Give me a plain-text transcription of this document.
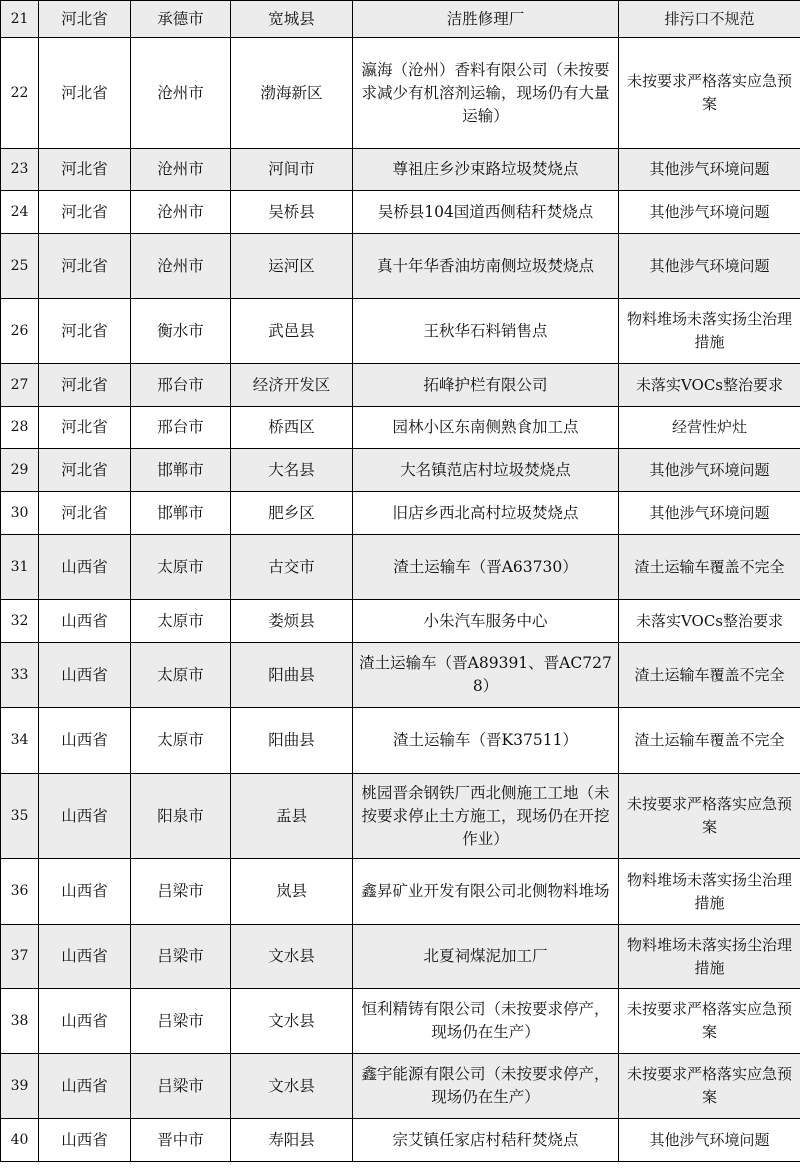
21	河北省	承德市	宽城县	洁胜修理厂	排污口不规范
22	河北省	沧州市	渤海新区	瀛海（沧州）香料有限公司（未按要求减少有机溶剂运输，现场仍有大量运输）	未按要求严格落实应急预案
23	河北省	沧州市	河间市	尊祖庄乡沙束路垃圾焚烧点	其他涉气环境问题
24	河北省	沧州市	吴桥县	吴桥县104国道西侧秸秆焚烧点	其他涉气环境问题
25	河北省	沧州市	运河区	真十年华香油坊南侧垃圾焚烧点	其他涉气环境问题
26	河北省	衡水市	武邑县	王秋华石料销售点	物料堆场未落实扬尘治理措施
27	河北省	邢台市	经济开发区	拓峰护栏有限公司	未落实VOCs整治要求
28	河北省	邢台市	桥西区	园林小区东南侧熟食加工点	经营性炉灶
29	河北省	邯郸市	大名县	大名镇范店村垃圾焚烧点	其他涉气环境问题
30	河北省	邯郸市	肥乡区	旧店乡西北高村垃圾焚烧点	其他涉气环境问题
31	山西省	太原市	古交市	渣土运输车（晋A63730）	渣土运输车覆盖不完全
32	山西省	太原市	娄烦县	小朱汽车服务中心	未落实VOCs整治要求
33	山西省	太原市	阳曲县	渣土运输车（晋A89391、晋AC7278）	渣土运输车覆盖不完全
34	山西省	太原市	阳曲县	渣土运输车（晋K37511）	渣土运输车覆盖不完全
35	山西省	阳泉市	盂县	桃园晋余钢铁厂西北侧施工工地（未按要求停止土方施工，现场仍在开挖作业）	未按要求严格落实应急预案
36	山西省	吕梁市	岚县	鑫昇矿业开发有限公司北侧物料堆场	物料堆场未落实扬尘治理措施
37	山西省	吕梁市	文水县	北夏祠煤泥加工厂	物料堆场未落实扬尘治理措施
38	山西省	吕梁市	文水县	恒利精铸有限公司（未按要求停产，现场仍在生产）	未按要求严格落实应急预案
39	山西省	吕梁市	文水县	鑫宇能源有限公司（未按要求停产，现场仍在生产）	未按要求严格落实应急预案
40	山西省	晋中市	寿阳县	宗艾镇任家店村秸秆焚烧点	其他涉气环境问题
